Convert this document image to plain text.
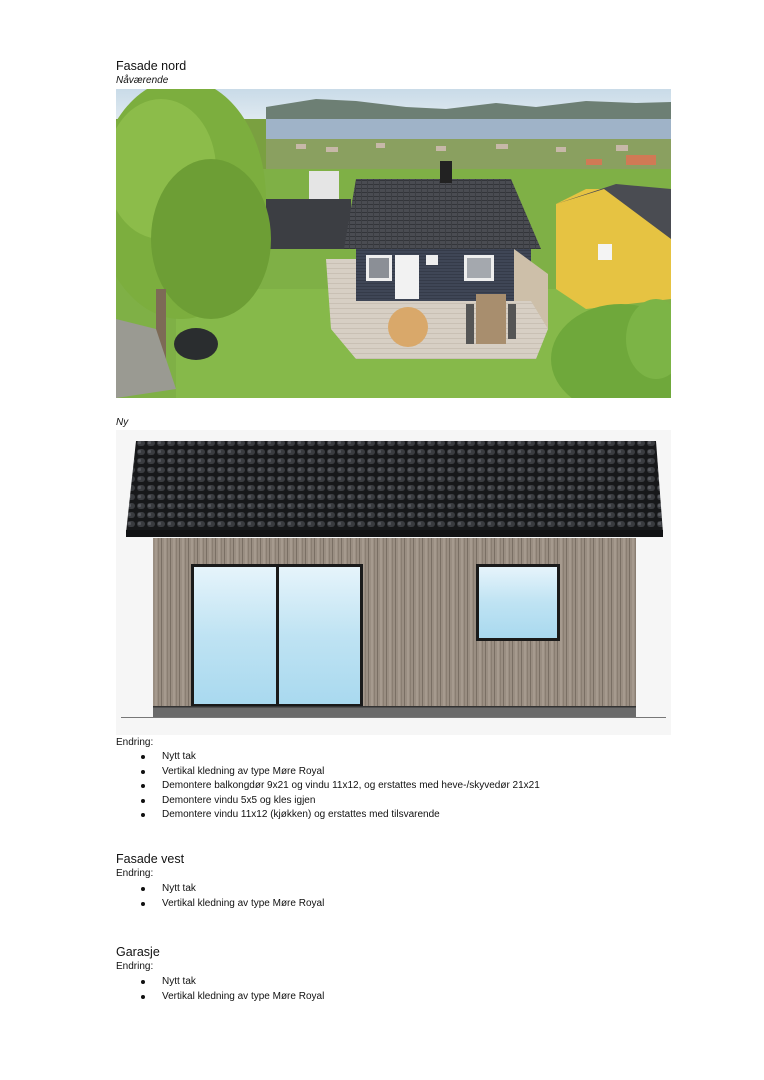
Fasade nord
Nåværende
Ny
Endring:
Nytt tak
Vertikal kledning av type Møre Royal
Demontere balkongdør 9x21 og vindu 11x12, og erstattes med heve-/skyvedør 21x21
Demontere vindu 5x5 og kles igjen
Demontere vindu 11x12 (kjøkken) og erstattes med tilsvarende
Fasade vest
Endring:
Nytt tak
Vertikal kledning av type Møre Royal
Garasje
Endring:
Nytt tak
Vertikal kledning av type Møre Royal
